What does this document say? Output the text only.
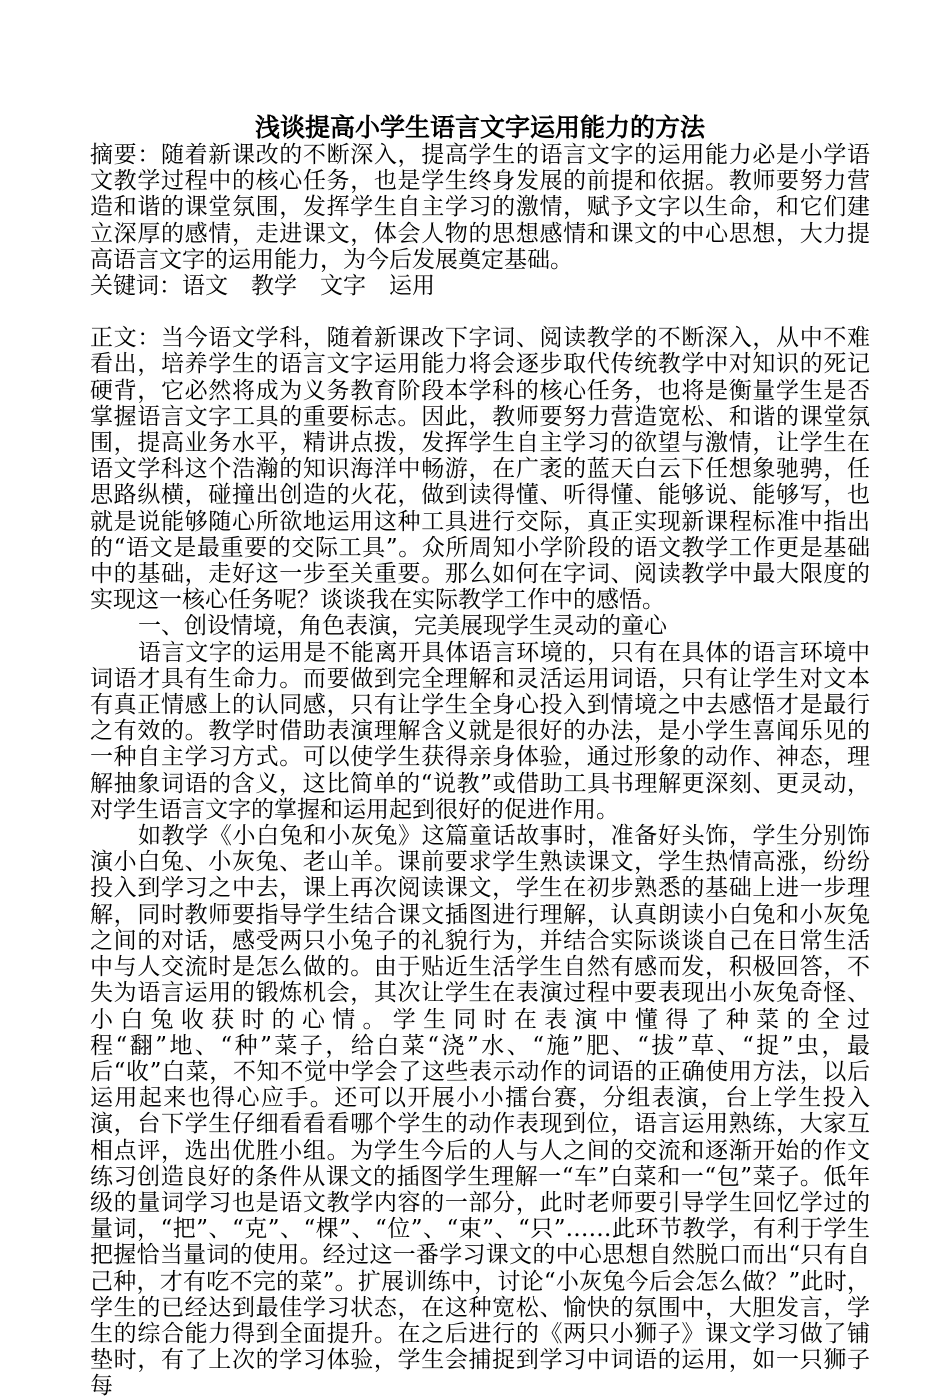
浅谈提高小学生语言文字运用能力的方法

摘要：随着新课改的不断深入，提高学生的语言文字的运用能力必是小学语文教学过程中的核心任务，也是学生终身发展的前提和依据。教师要努力营造和谐的课堂氛围，发挥学生自主学习的激情，赋予文字以生命，和它们建立深厚的感情，走进课文，体会人物的思想感情和课文的中心思想，大力提高语言文字的运用能力，为今后发展奠定基础。

关键词：语文　教学　文字　运用

正文：当今语文学科，随着新课改下字词、阅读教学的不断深入，从中不难看出，培养学生的语言文字运用能力将会逐步取代传统教学中对知识的死记硬背，它必然将成为义务教育阶段本学科的核心任务，也将是衡量学生是否掌握语言文字工具的重要标志。因此，教师要努力营造宽松、和谐的课堂氛围，提高业务水平，精讲点拨，发挥学生自主学习的欲望与激情，让学生在语文学科这个浩瀚的知识海洋中畅游，在广袤的蓝天白云下任想象驰骋，任思路纵横，碰撞出创造的火花，做到读得懂、听得懂、能够说、能够写，也就是说能够随心所欲地运用这种工具进行交际，真正实现新课程标准中指出的“语文是最重要的交际工具”。众所周知小学阶段的语文教学工作更是基础中的基础，走好这一步至关重要。那么如何在字词、阅读教学中最大限度的实现这一核心任务呢？谈谈我在实际教学工作中的感悟。

一、创设情境，角色表演，完美展现学生灵动的童心

语言文字的运用是不能离开具体语言环境的，只有在具体的语言环境中词语才具有生命力。而要做到完全理解和灵活运用词语，只有让学生对文本有真正情感上的认同感，只有让学生全身心投入到情境之中去感悟才是最行之有效的。教学时借助表演理解含义就是很好的办法，是小学生喜闻乐见的一种自主学习方式。可以使学生获得亲身体验，通过形象的动作、神态，理解抽象词语的含义，这比简单的“说教”或借助工具书理解更深刻、更灵动，对学生语言文字的掌握和运用起到很好的促进作用。

如教学《小白兔和小灰兔》这篇童话故事时，准备好头饰，学生分别饰演小白兔、小灰兔、老山羊。课前要求学生熟读课文，学生热情高涨，纷纷投入到学习之中去，课上再次阅读课文，学生在初步熟悉的基础上进一步理解，同时教师要指导学生结合课文插图进行理解，认真朗读小白兔和小灰兔之间的对话，感受两只小兔子的礼貌行为，并结合实际谈谈自己在日常生活中与人交流时是怎么做的。由于贴近生活学生自然有感而发，积极回答，不失为语言运用的锻炼机会，其次让学生在表演过程中要表现出小灰兔奇怪、小白兔收获时的心情。学生同时在表演中懂得了种菜的全过程“翻”地、“种”菜子，给白菜“浇”水、“施”肥、“拔”草、“捉”虫，最后“收”白菜，不知不觉中学会了这些表示动作的词语的正确使用方法，以后运用起来也得心应手。还可以开展小小擂台赛，分组表演，台上学生投入演，台下学生仔细看看看哪个学生的动作表现到位，语言运用熟练，大家互相点评，选出优胜小组。为学生今后的人与人之间的交流和逐渐开始的作文练习创造良好的条件从课文的插图学生理解一“车”白菜和一“包”菜子。低年级的量词学习也是语文教学内容的一部分，此时老师要引导学生回忆学过的量词，“把”、“克”、“棵”、“位”、“束”、“只”……此环节教学，有利于学生把握恰当量词的使用。经过这一番学习课文的中心思想自然脱口而出“只有自己种，才有吃不完的菜”。扩展训练中，讨论“小灰兔今后会怎么做？”此时，学生的已经达到最佳学习状态，在这种宽松、愉快的氛围中，大胆发言，学生的综合能力得到全面提升。在之后进行的《两只小狮子》课文学习做了铺垫时，有了上次的学习体验，学生会捕捉到学习中词语的运用，如一只狮子每
